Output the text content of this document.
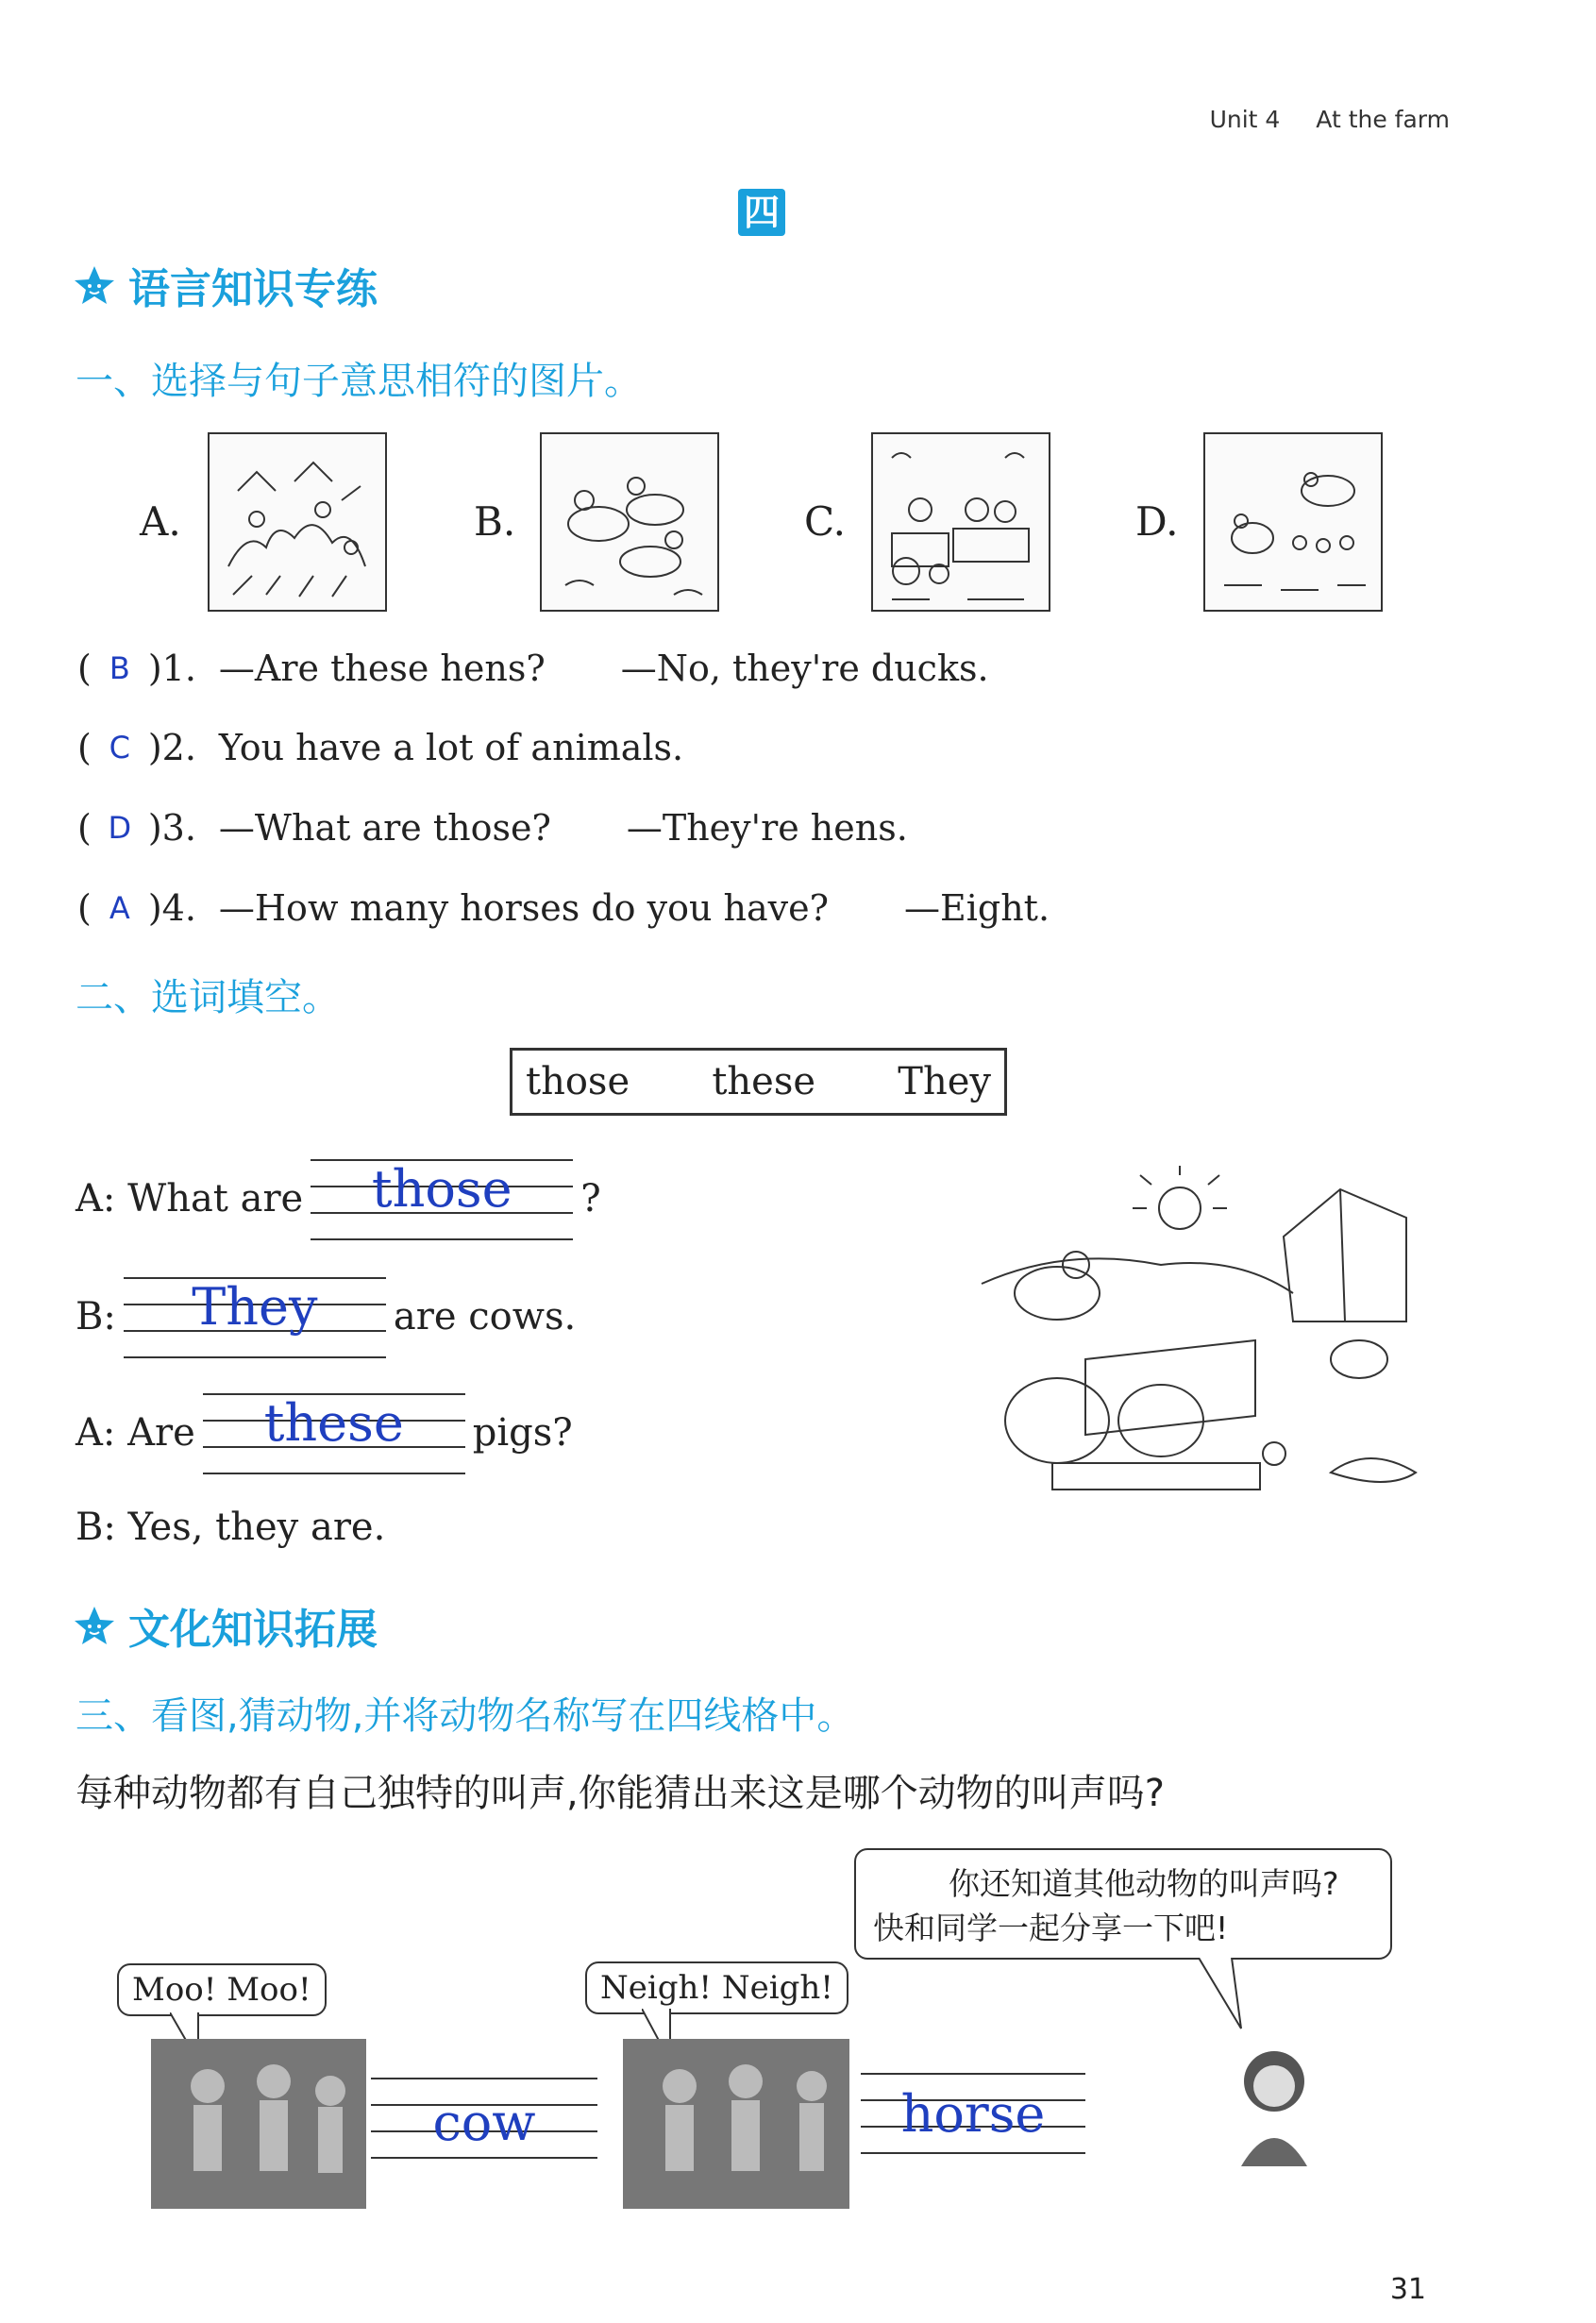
Unit 4 At the farm
四
语言知识专练
一、选择与句子意思相符的图片。
A.	B.	C.	D.
( B )1. —Are these hens? —No, they're ducks.
( C )2. You have a lot of animals.
( D )3. —What are those? —They're hens.
( A )4. —How many horses do you have? —Eight.
二、选词填空。
those these They
A: What are	those	?
B:	They	are cows.
A: Are	these	pigs?
B: Yes, they are.
文化知识拓展
三、看图,猜动物,并将动物名称写在四线格中。
每种动物都有自己独特的叫声,你能猜出来这是哪个动物的叫声吗?
你还知道其他动物的叫声吗?
快和同学一起分享一下吧!
Moo! Moo!
cow
Neigh! Neigh!
horse
31
